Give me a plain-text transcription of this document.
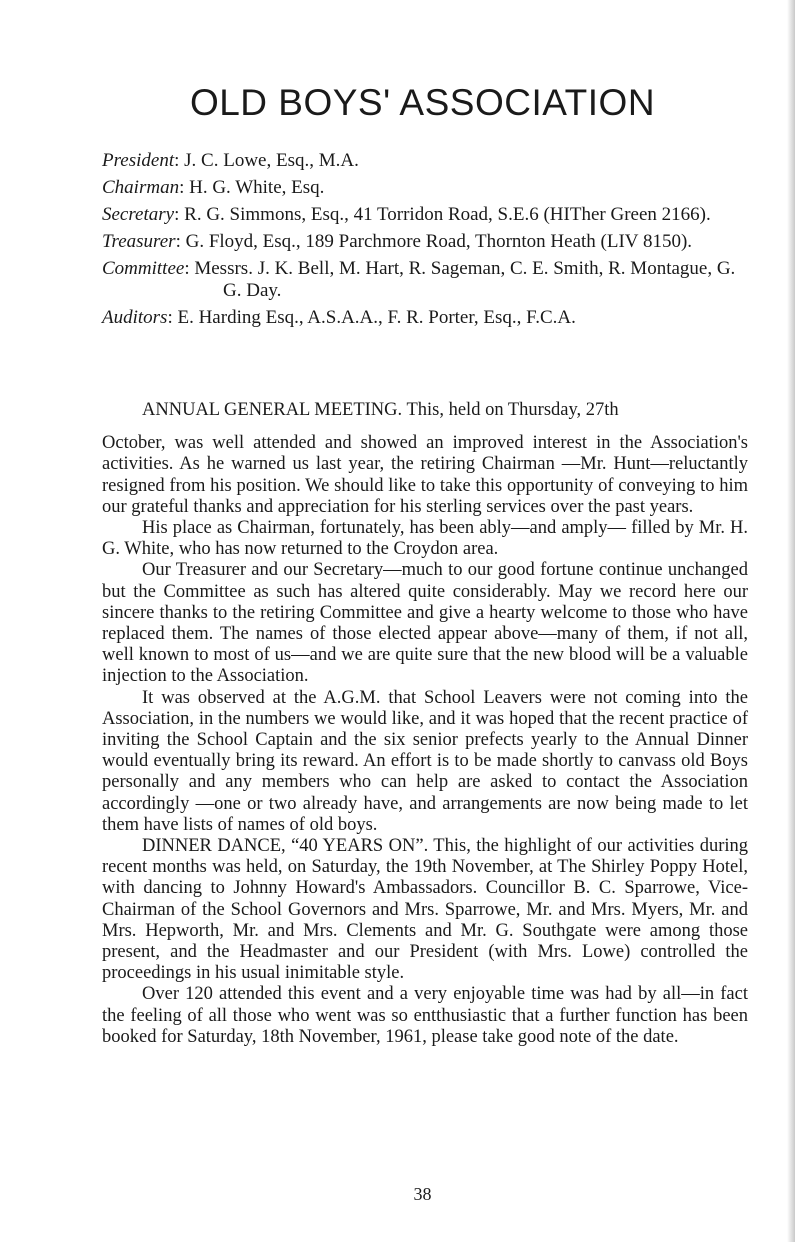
OLD BOYS' ASSOCIATION
President: J. C. Lowe, Esq., M.A.
Chairman: H. G. White, Esq.
Secretary: R. G. Simmons, Esq., 41 Torridon Road, S.E.6 (HITher Green 2166).
Treasurer: G. Floyd, Esq., 189 Parchmore Road, Thornton Heath (LIV 8150).
Committee: Messrs. J. K. Bell, M. Hart, R. Sageman, C. E. Smith, R. Montague, G. G. Day.
Auditors: E. Harding Esq., A.S.A.A., F. R. Porter, Esq., F.C.A.

ANNUAL GENERAL MEETING. This, held on Thursday, 27th

October, was well attended and showed an improved interest in the Association's activities. As he warned us last year, the retiring Chairman —Mr. Hunt—reluctantly resigned from his position. We should like to take this opportunity of conveying to him our grateful thanks and appreciation for his sterling services over the past years.

His place as Chairman, fortunately, has been ably—and amply— filled by Mr. H. G. White, who has now returned to the Croydon area.

Our Treasurer and our Secretary—much to our good fortune continue unchanged but the Committee as such has altered quite considerably. May we record here our sincere thanks to the retiring Committee and give a hearty welcome to those who have replaced them. The names of those elected appear above—many of them, if not all, well known to most of us—and we are quite sure that the new blood will be a valuable injection to the Association.

It was observed at the A.G.M. that School Leavers were not coming into the Association, in the numbers we would like, and it was hoped that the recent practice of inviting the School Captain and the six senior prefects yearly to the Annual Dinner would eventually bring its reward. An effort is to be made shortly to canvass old Boys personally and any members who can help are asked to contact the Association accordingly —one or two already have, and arrangements are now being made to let them have lists of names of old boys.

DINNER DANCE, “40 YEARS ON”. This, the highlight of our activities during recent months was held, on Saturday, the 19th November, at The Shirley Poppy Hotel, with dancing to Johnny Howard's Ambassadors. Councillor B. C. Sparrowe, Vice-Chairman of the School Governors and Mrs. Sparrowe, Mr. and Mrs. Myers, Mr. and Mrs. Hepworth, Mr. and Mrs. Clements and Mr. G. Southgate were among those present, and the Headmaster and our President (with Mrs. Lowe) controlled the proceedings in his usual inimitable style.

Over 120 attended this event and a very enjoyable time was had by all—in fact the feeling of all those who went was so entthusiastic that a further function has been booked for Saturday, 18th November, 1961, please take good note of the date.

38
